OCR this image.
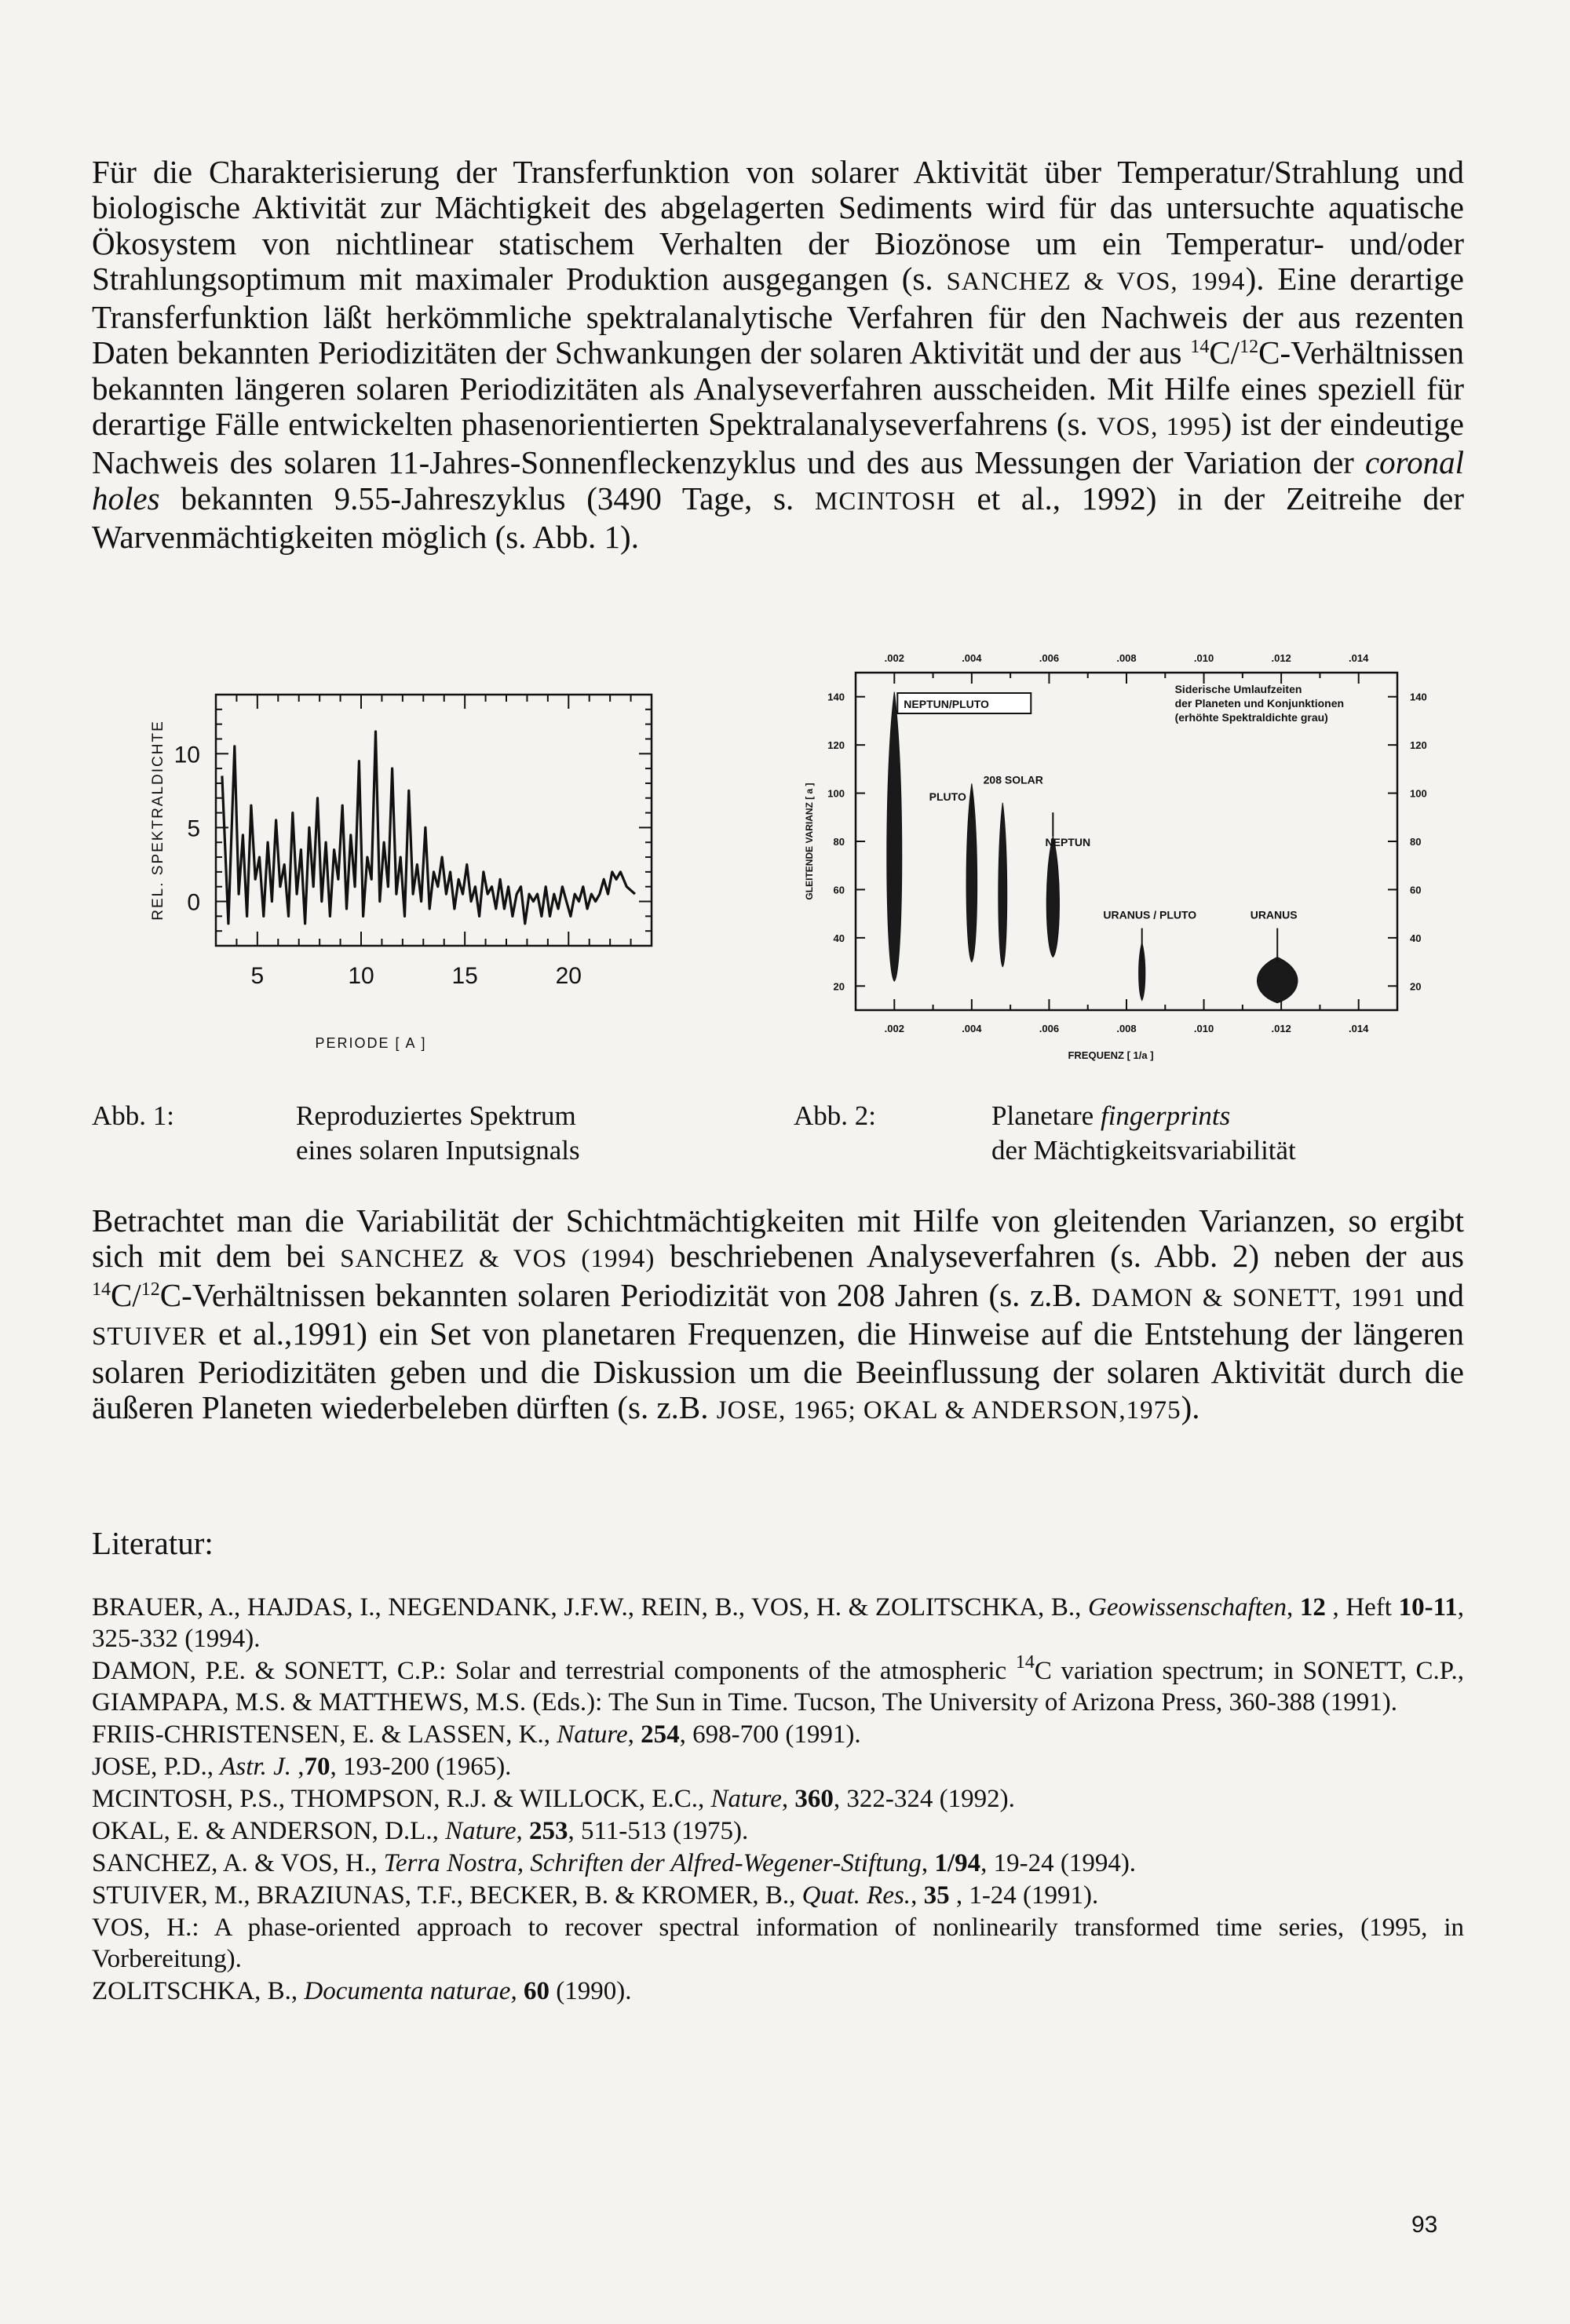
Für die Charakterisierung der Transferfunktion von solarer Aktivität über Temperatur/Strahlung und biologische Aktivität zur Mächtigkeit des abgelagerten Sediments wird für das untersuchte aquatische Ökosystem von nichtlinear statischem Verhalten der Biozönose um ein Temperatur- und/oder Strahlungsoptimum mit maximaler Produktion ausgegangen (s. SANCHEZ & VOS, 1994). Eine derartige Transferfunktion läßt herkömmliche spektralanalytische Verfahren für den Nachweis der aus rezenten Daten bekannten Periodizitäten der Schwankungen der solaren Aktivität und der aus $^{14}$C/$^{12}$C-Verhältnissen bekannten längeren solaren Periodizitäten als Analyseverfahren ausscheiden. Mit Hilfe eines speziell für derartige Fälle entwickelten phasenorientierten Spektralanalyseverfahrens (s. VOS, 1995) ist der eindeutige Nachweis des solaren 11-Jahres-Sonnenfleckenzyklus und des aus Messungen der Variation der coronal holes bekannten 9.55-Jahreszyklus (3490 Tage, s. MCINTOSH et al., 1992) in der Zeitreihe der Warvenmächtigkeiten möglich (s. Abb. 1).

5	10	15	20
0
5
10
PERIODE [ A ]
REL. SPEKTRALDICHTE
.002
.002
.004
.004
.006
.006
.008
.008
.010
.010
.012
.012
.014
.014
20	20
40	40
60	60
80	80
100	100
120	120
140	140
FREQUENZ [ 1/a ]
GLEITENDE VARIANZ [ a ]
Siderische Umlaufzeiten
der Planeten und Konjunktionen
(erhöhte Spektraldichte grau)
NEPTUN/PLUTO
208 SOLAR
PLUTO
NEPTUN
URANUS / PLUTO	URANUS

Abb. 1:	Reproduziertes Spektrum
eines solaren Inputsignals

Abb. 2:	Planetare fingerprints
der Mächtigkeitsvariabilität

Betrachtet man die Variabilität der Schichtmächtigkeiten mit Hilfe von gleitenden Varianzen, so ergibt sich mit dem bei SANCHEZ & VOS (1994) beschriebenen Analyseverfahren (s. Abb. 2) neben der aus $^{14}$C/$^{12}$C-Verhältnissen bekannten solaren Periodizität von 208 Jahren (s. z.B. DAMON & SONETT, 1991 und STUIVER et al.,1991) ein Set von planetaren Frequenzen, die Hinweise auf die Entstehung der längeren solaren Periodizitäten geben und die Diskussion um die Beeinflussung der solaren Aktivität durch die äußeren Planeten wiederbeleben dürften (s. z.B. JOSE, 1965; OKAL & ANDERSON,1975).

Literatur:

BRAUER, A., HAJDAS, I., NEGENDANK, J.F.W., REIN, B., VOS, H. & ZOLITSCHKA, B., Geowissenschaften, 12 , Heft 10-11, 325-332 (1994).

DAMON, P.E. & SONETT, C.P.: Solar and terrestrial components of the atmospheric $^{14}$C variation spectrum; in SONETT, C.P., GIAMPAPA, M.S. & MATTHEWS, M.S. (Eds.): The Sun in Time. Tucson, The University of Arizona Press, 360-388 (1991).

FRIIS-CHRISTENSEN, E. & LASSEN, K., Nature, 254, 698-700 (1991).

JOSE, P.D., Astr. J. ,70, 193-200 (1965).

MCINTOSH, P.S., THOMPSON, R.J. & WILLOCK, E.C., Nature, 360, 322-324 (1992).

OKAL, E. & ANDERSON, D.L., Nature, 253, 511-513 (1975).

SANCHEZ, A. & VOS, H., Terra Nostra, Schriften der Alfred-Wegener-Stiftung, 1/94, 19-24 (1994).

STUIVER, M., BRAZIUNAS, T.F., BECKER, B. & KROMER, B., Quat. Res., 35 , 1-24 (1991).

VOS, H.: A phase-oriented approach to recover spectral information of nonlinearily transformed time series, (1995, in Vorbereitung).

ZOLITSCHKA, B., Documenta naturae, 60 (1990).

93
